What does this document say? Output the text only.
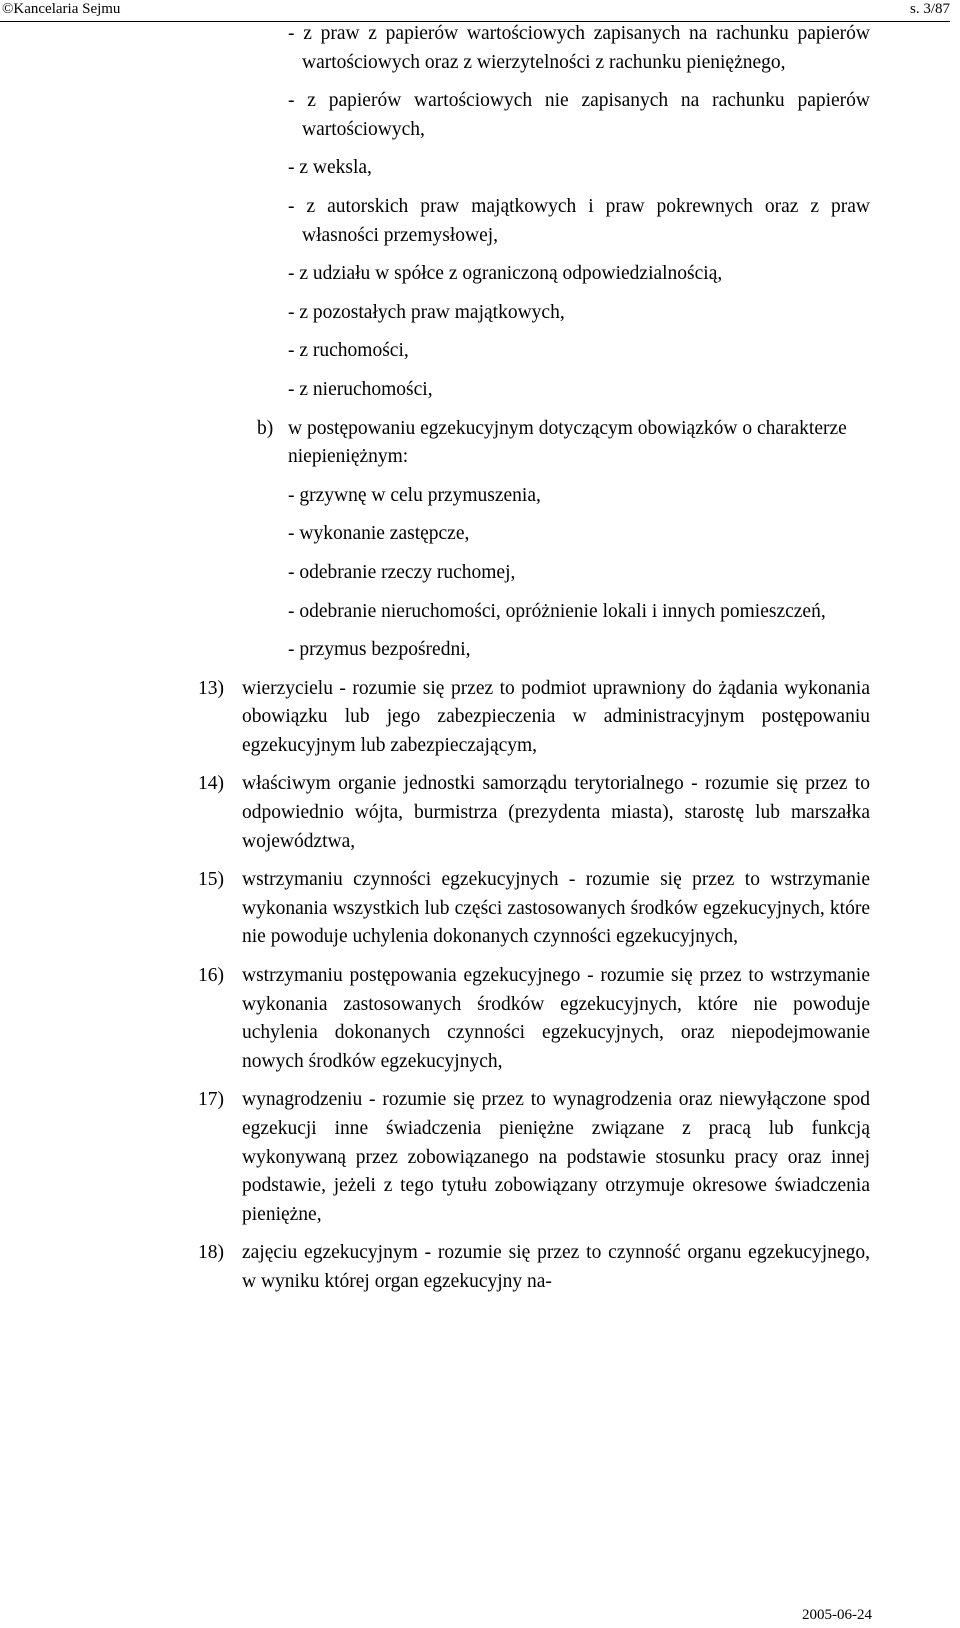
©Kancelaria Sejmu	s. 3/87
- z praw z papierów wartościowych zapisanych na rachunku papierów wartościowych oraz z wierzytelności z rachunku pieniężnego,
- z papierów wartościowych nie zapisanych na rachunku papierów wartościowych,
- z weksla,
- z autorskich praw majątkowych i praw pokrewnych oraz z praw własności przemysłowej,
- z udziału w spółce z ograniczoną odpowiedzialnością,
- z pozostałych praw majątkowych,
- z ruchomości,
- z nieruchomości,
b) w postępowaniu egzekucyjnym dotyczącym obowiązków o charakterze niepieniężnym:
- grzywnę w celu przymuszenia,
- wykonanie zastępcze,
- odebranie rzeczy ruchomej,
- odebranie nieruchomości, opróżnienie lokali i innych pomieszczeń,
- przymus bezpośredni,
13) wierzycielu - rozumie się przez to podmiot uprawniony do żądania wykonania obowiązku lub jego zabezpieczenia w administracyjnym postępowaniu egzekucyjnym lub zabezpieczającym,
14) właściwym organie jednostki samorządu terytorialnego - rozumie się przez to odpowiednio wójta, burmistrza (prezydenta miasta), starostę lub marszałka województwa,
15) wstrzymaniu czynności egzekucyjnych - rozumie się przez to wstrzymanie wykonania wszystkich lub części zastosowanych środków egzekucyjnych, które nie powoduje uchylenia dokonanych czynności egzekucyjnych,
16) wstrzymaniu postępowania egzekucyjnego - rozumie się przez to wstrzymanie wykonania zastosowanych środków egzekucyjnych, które nie powoduje uchylenia dokonanych czynności egzekucyjnych, oraz niepodejmowanie nowych środków egzekucyjnych,
17) wynagrodzeniu - rozumie się przez to wynagrodzenia oraz niewyłączone spod egzekucji inne świadczenia pieniężne związane z pracą lub funkcją wykonywaną przez zobowiązanego na podstawie stosunku pracy oraz innej podstawie, jeżeli z tego tytułu zobowiązany otrzymuje okresowe świadczenia pieniężne,
18) zajęciu egzekucyjnym - rozumie się przez to czynność organu egzekucyjnego, w wyniku której organ egzekucyjny na-
2005-06-24
